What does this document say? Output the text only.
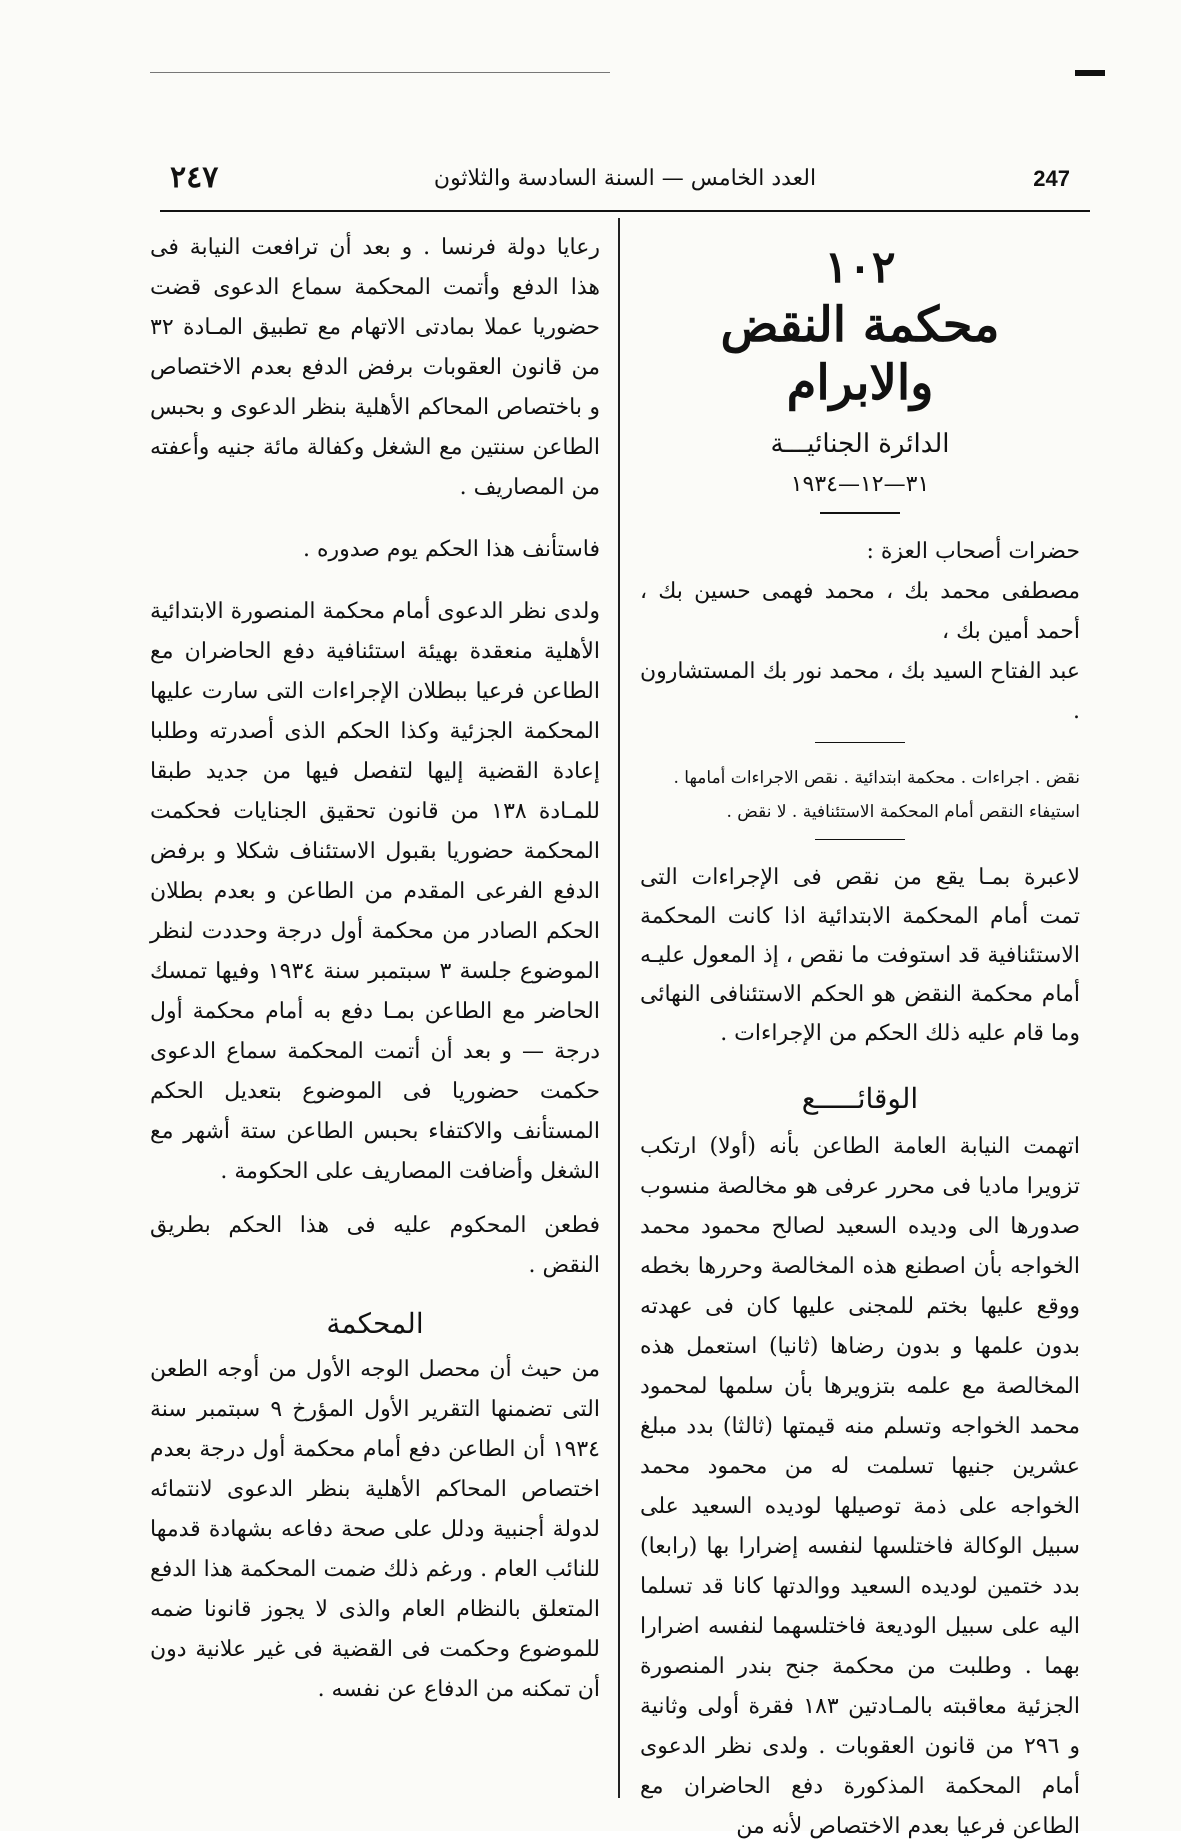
٢٤٧	العدد الخامس — السنة السادسة والثلاثون	247
١٠٢
محكمة النقض والابرام
الدائرة الجنائيـــة
٣١—١٢—١٩٣٤

حضرات أصحاب العزة :

مصطفى محمد بك ، محمد فهمى حسين بك ، أحمد أمين بك ،

عبد الفتاح السيد بك ، محمد نور بك المستشارون .

نقض . اجراءات . محكمة ابتدائية . نقص الاجراءات أمامها .

استيفاء النقص أمام المحكمة الاستئنافية . لا نقض .

لاعبرة بمـا يقع من نقص فى الإجراءات التى تمت أمام المحكمة الابتدائية اذا كانت المحكمة الاستئنافية قد استوفت ما نقص ، إذ المعول عليـه أمام محكمة النقض هو الحكم الاستئنافى النهائى وما قام عليه ذلك الحكم من الإجراءات .

الوقائـــــع

اتهمت النيابة العامة الطاعن بأنه (أولا) ارتكب تزويرا ماديا فى محرر عرفى هو مخالصة منسوب صدورها الى وديده السعيد لصالح محمود محمد الخواجه بأن اصطنع هذه المخالصة وحررها بخطه ووقع عليها بختم للمجنى عليها كان فى عهدته بدون علمها و بدون رضاها (ثانيا) استعمل هذه المخالصة مع علمه بتزويرها بأن سلمها لمحمود محمد الخواجه وتسلم منه قيمتها (ثالثا) بدد مبلغ عشرين جنيها تسلمت له من محمود محمد الخواجه على ذمة توصيلها لوديده السعيد على سبيل الوكالة فاختلسها لنفسه إضرارا بها (رابعا) بدد ختمين لوديده السعيد ووالدتها كانا قد تسلما اليه على سبيل الوديعة فاختلسهما لنفسه اضرارا بهما . وطلبت من محكمة جنح بندر المنصورة الجزئية معاقبته بالمـادتين ١٨٣ فقرة أولى وثانية و ٢٩٦ من قانون العقوبات . ولدى نظر الدعوى أمام المحكمة المذكورة دفع الحاضران مع الطاعن فرعيا بعدم الاختصاص لأنه من

رعايا دولة فرنسا . و بعد أن ترافعت النيابة فى هذا الدفع وأتمت المحكمة سماع الدعوى قضت حضوريا عملا بمادتى الاتهام مع تطبيق المـادة ٣٢ من قانون العقوبات برفض الدفع بعدم الاختصاص و باختصاص المحاكم الأهلية بنظر الدعوى و بحبس الطاعن سنتين مع الشغل وكفالة مائة جنيه وأعفته من المصاريف .

فاستأنف هذا الحكم يوم صدوره .

ولدى نظر الدعوى أمام محكمة المنصورة الابتدائية الأهلية منعقدة بهيئة استئنافية دفع الحاضران مع الطاعن فرعيا ببطلان الإجراءات التى سارت عليها المحكمة الجزئية وكذا الحكم الذى أصدرته وطلبا إعادة القضية إليها لتفصل فيها من جديد طبقا للمـادة ١٣٨ من قانون تحقيق الجنايات فحكمت المحكمة حضوريا بقبول الاستئناف شكلا و برفض الدفع الفرعى المقدم من الطاعن و بعدم بطلان الحكم الصادر من محكمة أول درجة وحددت لنظر الموضوع جلسة ٣ سبتمبر سنة ١٩٣٤ وفيها تمسك الحاضر مع الطاعن بمـا دفع به أمام محكمة أول درجة — و بعد أن أتمت المحكمة سماع الدعوى حكمت حضوريا فى الموضوع بتعديل الحكم المستأنف والاكتفاء بحبس الطاعن ستة أشهر مع الشغل وأضافت المصاريف على الحكومة .

فطعن المحكوم عليه فى هذا الحكم بطريق النقض .

المحكمة

من حيث أن محصل الوجه الأول من أوجه الطعن التى تضمنها التقرير الأول المؤرخ ٩ سبتمبر سنة ١٩٣٤ أن الطاعن دفع أمام محكمة أول درجة بعدم اختصاص المحاكم الأهلية بنظر الدعوى لانتمائه لدولة أجنبية ودلل على صحة دفاعه بشهادة قدمها للنائب العام . ورغم ذلك ضمت المحكمة هذا الدفع المتعلق بالنظام العام والذى لا يجوز قانونا ضمه للموضوع وحكمت فى القضية فى غير علانية دون أن تمكنه من الدفاع عن نفسه .
